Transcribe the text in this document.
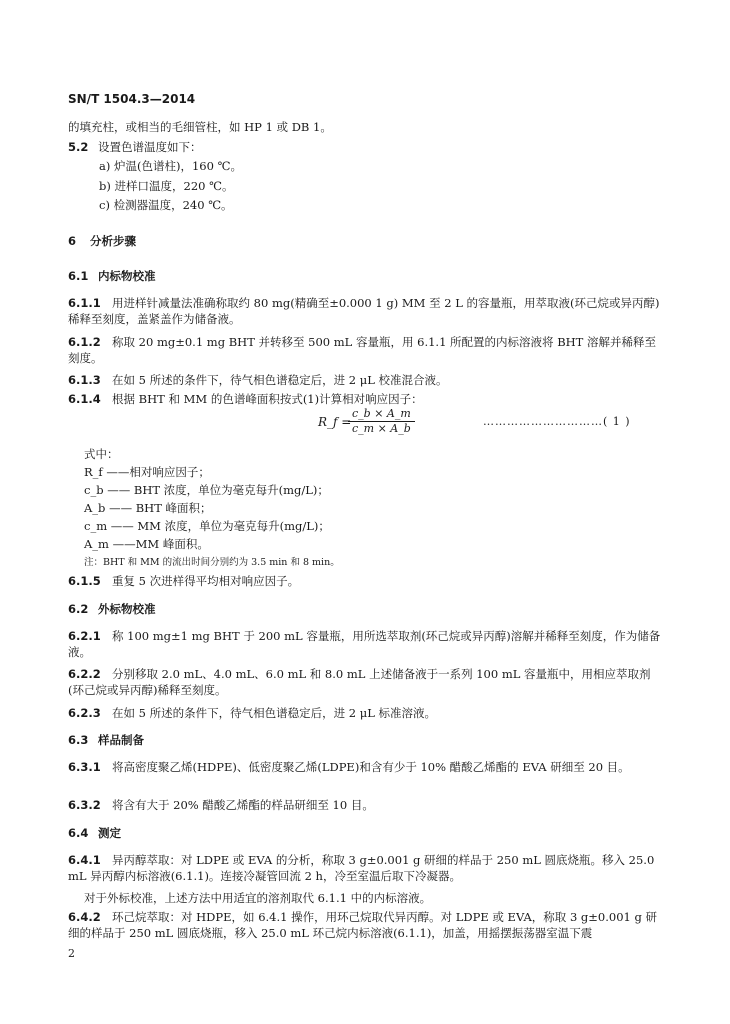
SN/T 1504.3—2014
的填充柱，或相当的毛细管柱，如 HP 1 或 DB 1。
5.2 设置色谱温度如下：
a) 炉温(色谱柱)，160 ℃。
b) 进样口温度，220 ℃。
c) 检测器温度，240 ℃。
6 分析步骤
6.1 内标物校准
6.1.1 用进样针减量法准确称取约 80 mg(精确至±0.000 1 g) MM 至 2 L 的容量瓶，用萃取液(环己烷或异丙醇)稀释至刻度，盖紧盖作为储备液。
6.1.2 称取 20 mg±0.1 mg BHT 并转移至 500 mL 容量瓶，用 6.1.1 所配置的内标溶液将 BHT 溶解并稀释至刻度。
6.1.3 在如 5 所述的条件下，待气相色谱稳定后，进 2 μL 校准混合液。
6.1.4 根据 BHT 和 MM 的色谱峰面积按式(1)计算相对响应因子：
R_f =
$\frac{c\_b \times A\_m}{c\_m \times A\_b}$	…………………………( 1 )
式中：
R_f ——相对响应因子；
c_b —— BHT 浓度，单位为毫克每升(mg/L)；
A_b —— BHT 峰面积；
c_m —— MM 浓度，单位为毫克每升(mg/L)；
A_m ——MM 峰面积。
注：BHT 和 MM 的流出时间分别约为 3.5 min 和 8 min。
6.1.5 重复 5 次进样得平均相对响应因子。
6.2 外标物校准
6.2.1 称 100 mg±1 mg BHT 于 200 mL 容量瓶，用所选萃取剂(环己烷或异丙醇)溶解并稀释至刻度，作为储备液。
6.2.2 分别移取 2.0 mL、4.0 mL、6.0 mL 和 8.0 mL 上述储备液于一系列 100 mL 容量瓶中，用相应萃取剂(环己烷或异丙醇)稀释至刻度。
6.2.3 在如 5 所述的条件下，待气相色谱稳定后，进 2 μL 标准溶液。
6.3 样品制备
6.3.1 将高密度聚乙烯(HDPE)、低密度聚乙烯(LDPE)和含有少于 10% 醋酸乙烯酯的 EVA 研细至 20 目。
6.3.2 将含有大于 20% 醋酸乙烯酯的样品研细至 10 目。
6.4 测定
6.4.1 异丙醇萃取：对 LDPE 或 EVA 的分析，称取 3 g±0.001 g 研细的样品于 250 mL 圆底烧瓶。移入 25.0 mL 异丙醇内标溶液(6.1.1)。连接冷凝管回流 2 h，冷至室温后取下冷凝器。
对于外标校准，上述方法中用适宜的溶剂取代 6.1.1 中的内标溶液。
6.4.2 环己烷萃取：对 HDPE，如 6.4.1 操作，用环己烷取代异丙醇。对 LDPE 或 EVA，称取 3 g±0.001 g 研细的样品于 250 mL 圆底烧瓶，移入 25.0 mL 环己烷内标溶液(6.1.1)，加盖，用摇摆振荡器室温下震
2
